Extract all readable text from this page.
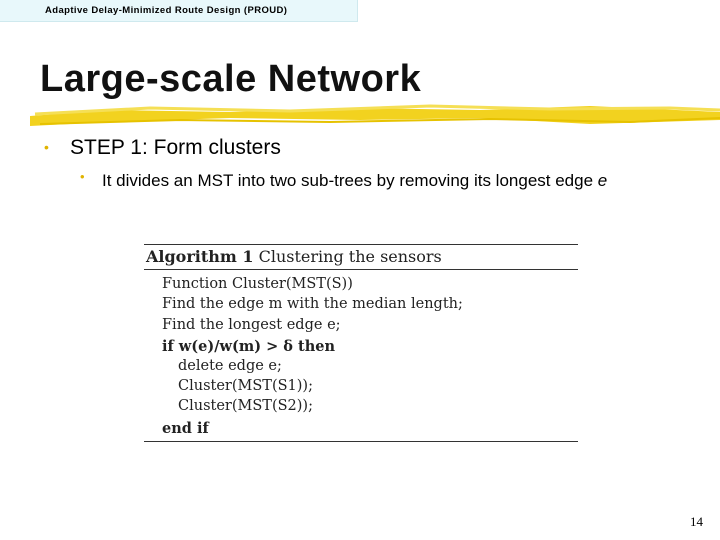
Adaptive Delay-Minimized Route Design (PROUD)
Large-scale Network
• STEP 1: Form clusters
• It divides an MST into two sub-trees by removing its longest edge e
Algorithm 1 Clustering the sensors
Function Cluster(MST(S))
Find the edge m with the median length;
Find the longest edge e;
if w(e)/w(m) > δ then
delete edge e;
Cluster(MST(S1));
Cluster(MST(S2));
end if
14
